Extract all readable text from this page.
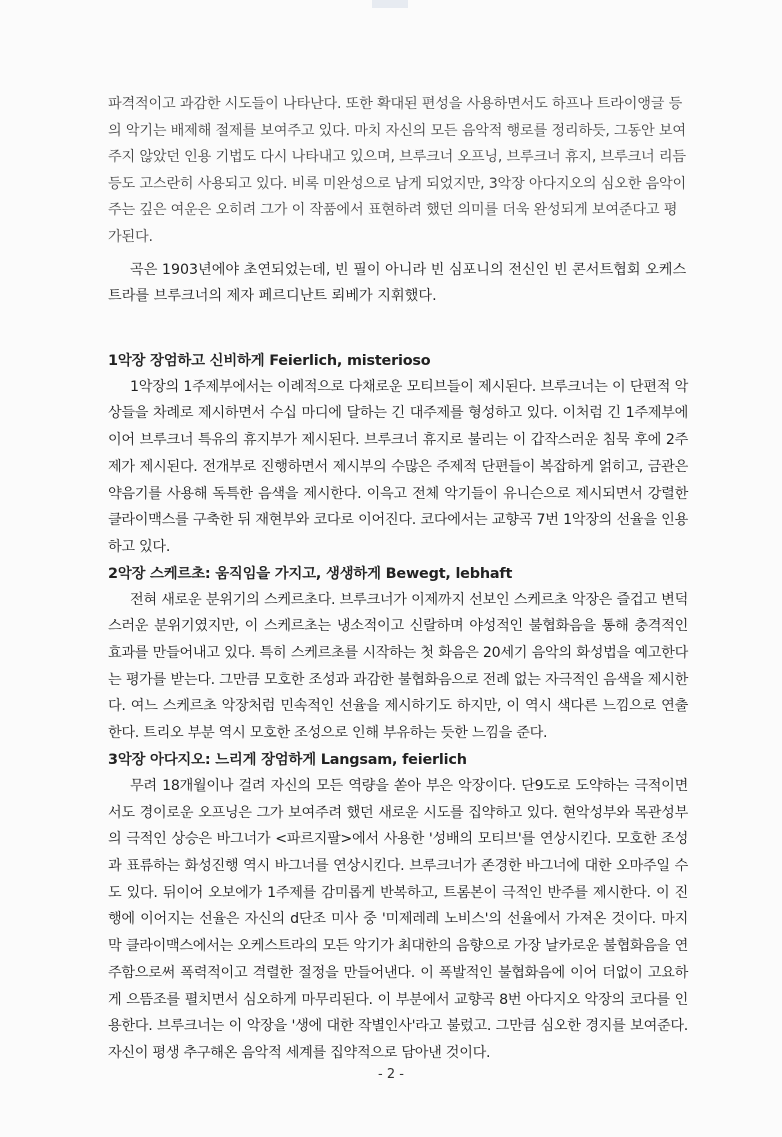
파격적이고 과감한 시도들이 나타난다. 또한 확대된 편성을 사용하면서도 하프나 트라이앵글 등의 악기는 배제해 절제를 보여주고 있다. 마치 자신의 모든 음악적 행로를 정리하듯, 그동안 보여주지 않았던 인용 기법도 다시 나타내고 있으며, 브루크너 오프닝, 브루크너 휴지, 브루크너 리듬 등도 고스란히 사용되고 있다. 비록 미완성으로 남게 되었지만, 3악장 아다지오의 심오한 음악이 주는 깊은 여운은 오히려 그가 이 작품에서 표현하려 했던 의미를 더욱 완성되게 보여준다고 평가된다.

곡은 1903년에야 초연되었는데, 빈 필이 아니라 빈 심포니의 전신인 빈 콘서트협회 오케스트라를 브루크너의 제자 페르디난트 뢰베가 지휘했다.

1악장 장엄하고 신비하게 Feierlich, misterioso

1악장의 1주제부에서는 이례적으로 다채로운 모티브들이 제시된다. 브루크너는 이 단편적 악상들을 차례로 제시하면서 수십 마디에 달하는 긴 대주제를 형성하고 있다. 이처럼 긴 1주제부에 이어 브루크너 특유의 휴지부가 제시된다. 브루크너 휴지로 불리는 이 갑작스러운 침묵 후에 2주제가 제시된다. 전개부로 진행하면서 제시부의 수많은 주제적 단편들이 복잡하게 얽히고, 금관은 약음기를 사용해 독특한 음색을 제시한다. 이윽고 전체 악기들이 유니슨으로 제시되면서 강렬한 클라이맥스를 구축한 뒤 재현부와 코다로 이어진다. 코다에서는 교향곡 7번 1악장의 선율을 인용하고 있다.

2악장 스케르초: 움직임을 가지고, 생생하게 Bewegt, lebhaft

전혀 새로운 분위기의 스케르초다. 브루크너가 이제까지 선보인 스케르초 악장은 즐겁고 변덕스러운 분위기였지만, 이 스케르초는 냉소적이고 신랄하며 야성적인 불협화음을 통해 충격적인 효과를 만들어내고 있다. 특히 스케르초를 시작하는 첫 화음은 20세기 음악의 화성법을 예고한다는 평가를 받는다. 그만큼 모호한 조성과 과감한 불협화음으로 전례 없는 자극적인 음색을 제시한다. 여느 스케르초 악장처럼 민속적인 선율을 제시하기도 하지만, 이 역시 색다른 느낌으로 연출한다. 트리오 부분 역시 모호한 조성으로 인해 부유하는 듯한 느낌을 준다.

3악장 아다지오: 느리게 장엄하게 Langsam, feierlich

무려 18개월이나 걸려 자신의 모든 역량을 쏟아 부은 악장이다. 단9도로 도약하는 극적이면서도 경이로운 오프닝은 그가 보여주려 했던 새로운 시도를 집약하고 있다. 현악성부와 목관성부의 극적인 상승은 바그너가 <파르지팔>에서 사용한 '성배의 모티브'를 연상시킨다. 모호한 조성과 표류하는 화성진행 역시 바그너를 연상시킨다. 브루크너가 존경한 바그너에 대한 오마주일 수도 있다. 뒤이어 오보에가 1주제를 감미롭게 반복하고, 트롬본이 극적인 반주를 제시한다. 이 진행에 이어지는 선율은 자신의 d단조 미사 중 '미제레레 노비스'의 선율에서 가져온 것이다. 마지막 클라이맥스에서는 오케스트라의 모든 악기가 최대한의 음향으로 가장 날카로운 불협화음을 연주함으로써 폭력적이고 격렬한 절정을 만들어낸다. 이 폭발적인 불협화음에 이어 더없이 고요하게 으뜸조를 펼치면서 심오하게 마무리된다. 이 부분에서 교향곡 8번 아다지오 악장의 코다를 인용한다. 브루크너는 이 악장을 '생에 대한 작별인사'라고 불렀고. 그만큼 심오한 경지를 보여준다. 자신이 평생 추구해온 음악적 세계를 집약적으로 담아낸 것이다.

- 2 -
